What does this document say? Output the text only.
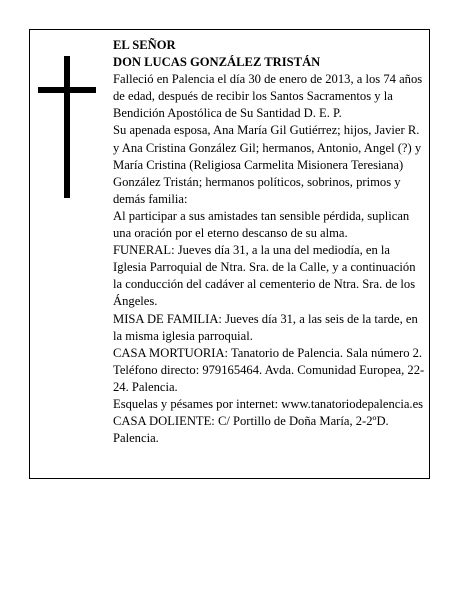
EL SEÑOR

DON LUCAS GONZÁLEZ TRISTÁN

Falleció en Palencia el día 30 de enero de 2013, a los 74 años de edad, después de recibir los Santos Sacramentos y la Bendición Apostólica de Su Santidad D. E. P.

Su apenada esposa, Ana María Gil Gutiérrez; hijos, Javier R. y Ana Cristina González Gil; hermanos, Antonio, Angel (?) y María Cristina (Religiosa Carmelita Misionera Teresiana) González Tristán; hermanos políticos, sobrinos, primos y demás familia:

Al participar a sus amistades tan sensible pérdida, suplican una oración por el eterno descanso de su alma.

FUNERAL: Jueves día 31, a la una del mediodía, en la Iglesia Parroquial de Ntra. Sra. de la Calle, y a continuación la conducción del cadáver al cementerio de Ntra. Sra. de los Ángeles.

MISA DE FAMILIA: Jueves día 31, a las seis de la tarde, en la misma iglesia parroquial.

CASA MORTUORIA: Tanatorio de Palencia. Sala número 2. Teléfono directo: 979165464. Avda. Comunidad Europea, 22-24. Palencia.

Esquelas y pésames por internet: www.tanatoriodepalencia.es

CASA DOLIENTE: C/ Portillo de Doña María, 2-2ºD. Palencia.
